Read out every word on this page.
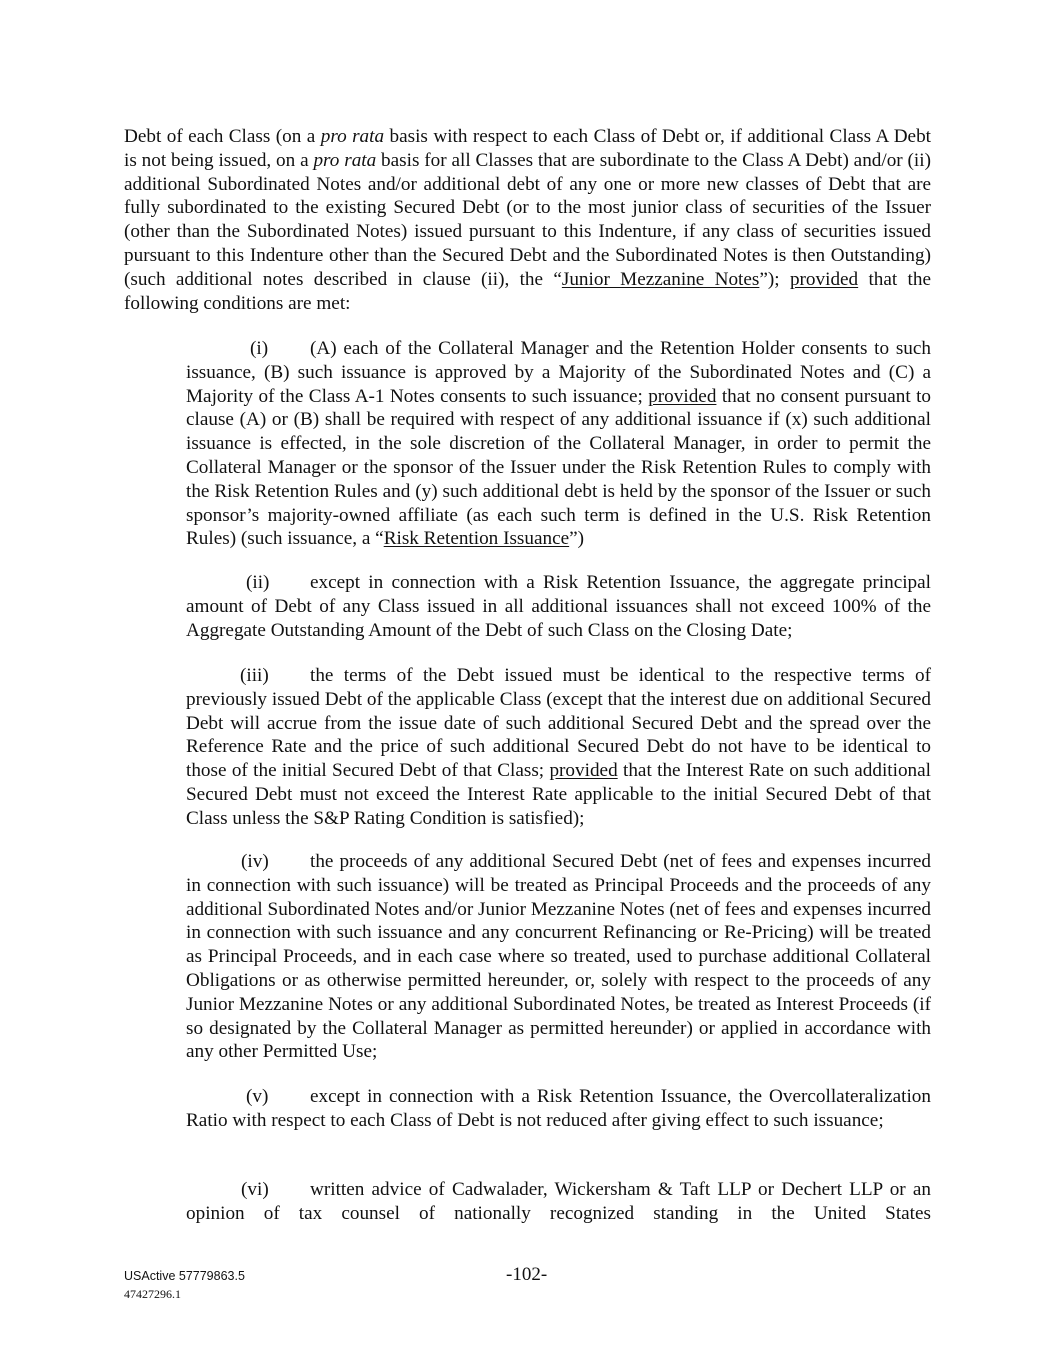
Debt of each Class (on a pro rata basis with respect to each Class of Debt or, if additional Class A Debt is not being issued, on a pro rata basis for all Classes that are subordinate to the Class A Debt) and/or (ii) additional Subordinated Notes and/or additional debt of any one or more new classes of Debt that are fully subordinated to the existing Secured Debt (or to the most junior class of securities of the Issuer (other than the Subordinated Notes) issued pursuant to this Indenture, if any class of securities issued pursuant to this Indenture other than the Secured Debt and the Subordinated Notes is then Outstanding) (such additional notes described in clause (ii), the “Junior Mezzanine Notes”); provided that the following conditions are met:

(i) (A) each of the Collateral Manager and the Retention Holder consents to such issuance, (B) such issuance is approved by a Majority of the Subordinated Notes and (C) a Majority of the Class A-1 Notes consents to such issuance; provided that no consent pursuant to clause (A) or (B) shall be required with respect of any additional issuance if (x) such additional issuance is effected, in the sole discretion of the Collateral Manager, in order to permit the Collateral Manager or the sponsor of the Issuer under the Risk Retention Rules to comply with the Risk Retention Rules and (y) such additional debt is held by the sponsor of the Issuer or such sponsor’s majority-owned affiliate (as each such term is defined in the U.S. Risk Retention Rules) (such issuance, a “Risk Retention Issuance”)

(ii) except in connection with a Risk Retention Issuance, the aggregate principal amount of Debt of any Class issued in all additional issuances shall not exceed 100% of the Aggregate Outstanding Amount of the Debt of such Class on the Closing Date;

(iii) the terms of the Debt issued must be identical to the respective terms of previously issued Debt of the applicable Class (except that the interest due on additional Secured Debt will accrue from the issue date of such additional Secured Debt and the spread over the Reference Rate and the price of such additional Secured Debt do not have to be identical to those of the initial Secured Debt of that Class; provided that the Interest Rate on such additional Secured Debt must not exceed the Interest Rate applicable to the initial Secured Debt of that Class unless the S&P Rating Condition is satisfied);

(iv) the proceeds of any additional Secured Debt (net of fees and expenses incurred in connection with such issuance) will be treated as Principal Proceeds and the proceeds of any additional Subordinated Notes and/or Junior Mezzanine Notes (net of fees and expenses incurred in connection with such issuance and any concurrent Refinancing or Re-Pricing) will be treated as Principal Proceeds, and in each case where so treated, used to purchase additional Collateral Obligations or as otherwise permitted hereunder, or, solely with respect to the proceeds of any Junior Mezzanine Notes or any additional Subordinated Notes, be treated as Interest Proceeds (if so designated by the Collateral Manager as permitted hereunder) or applied in accordance with any other Permitted Use;

(v) except in connection with a Risk Retention Issuance, the Overcollateralization Ratio with respect to each Class of Debt is not reduced after giving effect to such issuance;

(vi) written advice of Cadwalader, Wickersham & Taft LLP or Dechert LLP or an opinion of tax counsel of nationally recognized standing in the United States

USActive 57779863.5
47427296.1
-102-
